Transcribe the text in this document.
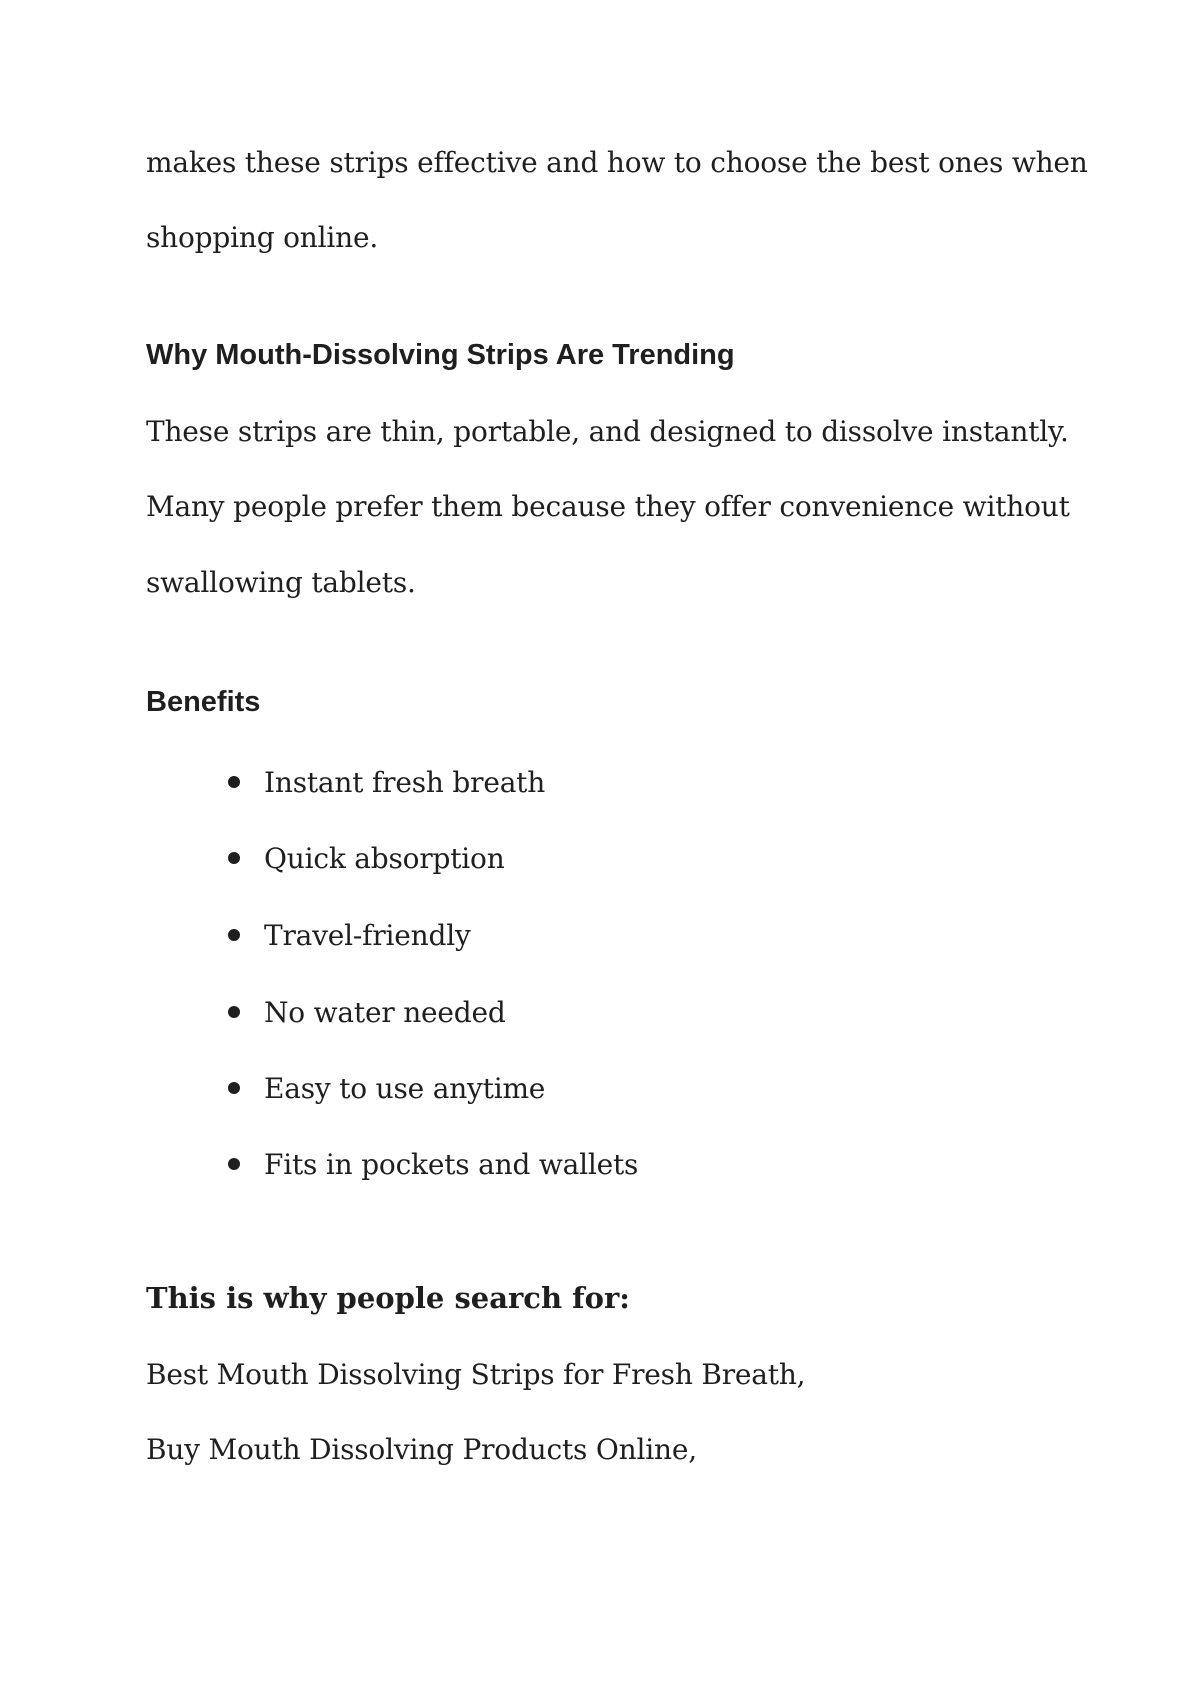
makes these strips effective and how to choose the best ones when

shopping online.

Why Mouth-Dissolving Strips Are Trending

These strips are thin, portable, and designed to dissolve instantly.

Many people prefer them because they offer convenience without

swallowing tablets.

Benefits
Instant fresh breath
Quick absorption
Travel-friendly
No water needed
Easy to use anytime
Fits in pockets and wallets
This is why people search for:

Best Mouth Dissolving Strips for Fresh Breath,

Buy Mouth Dissolving Products Online,
